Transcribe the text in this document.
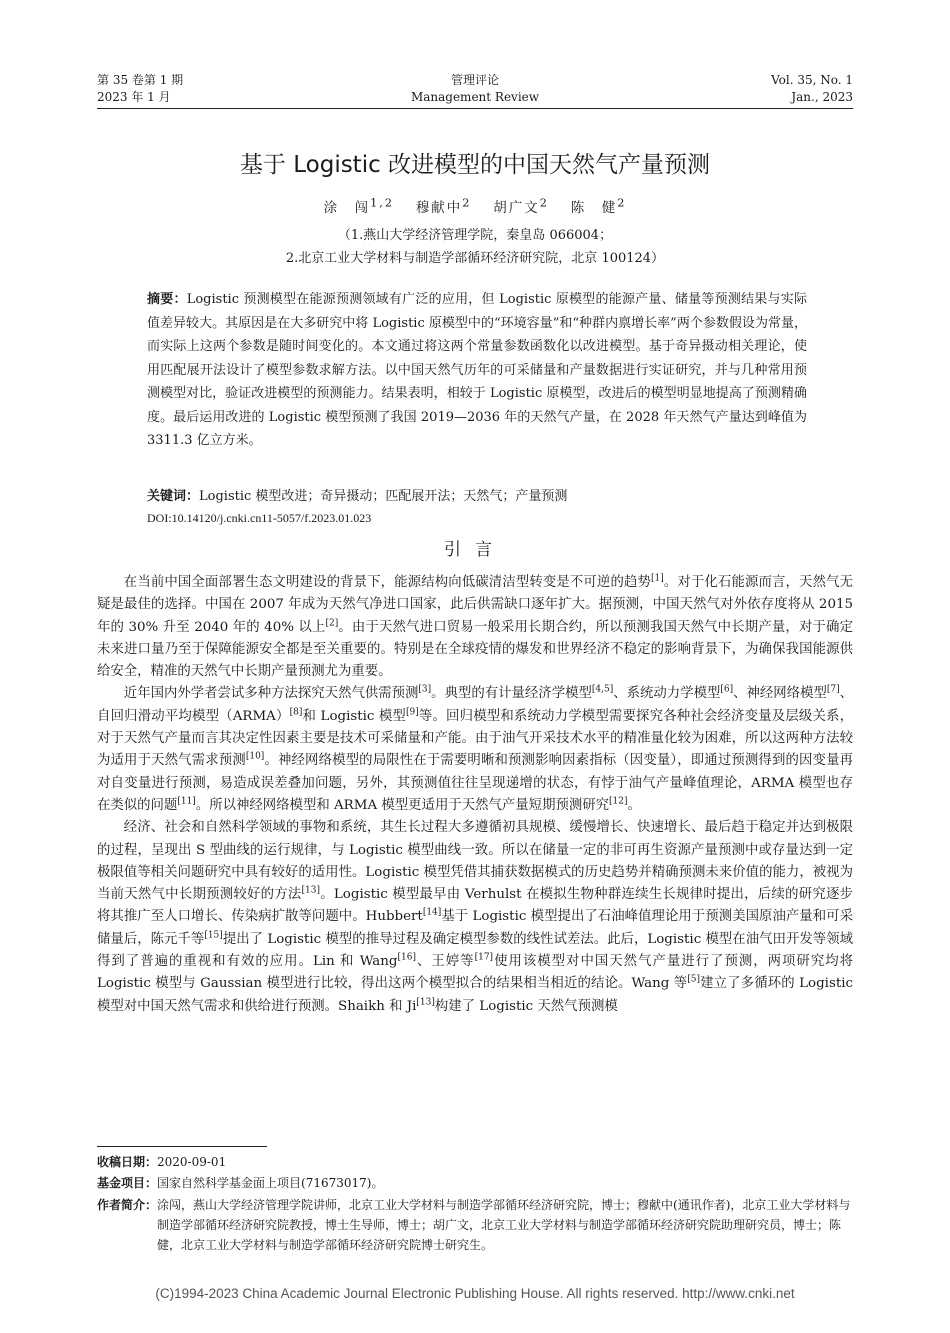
第 35 卷第 1 期
2023 年 1 月
管理评论
Management Review
Vol. 35, No. 1
Jan., 2023
基于 Logistic 改进模型的中国天然气产量预测
涂　闯$^{1,2}$　 穆献中$^2$　 胡广文$^2$　 陈　健$^2$
（1.燕山大学经济管理学院，秦皇岛 066004；
2.北京工业大学材料与制造学部循环经济研究院，北京 100124）
摘要：Logistic 预测模型在能源预测领域有广泛的应用，但 Logistic 原模型的能源产量、储量等预测结果与实际值差异较大。其原因是在大多研究中将 Logistic 原模型中的“环境容量”和“种群内禀增长率”两个参数假设为常量，而实际上这两个参数是随时间变化的。本文通过将这两个常量参数函数化以改进模型。基于奇异摄动相关理论，使用匹配展开法设计了模型参数求解方法。以中国天然气历年的可采储量和产量数据进行实证研究，并与几种常用预测模型对比，验证改进模型的预测能力。结果表明，相较于 Logistic 原模型，改进后的模型明显地提高了预测精确度。最后运用改进的 Logistic 模型预测了我国 2019—2036 年的天然气产量，在 2028 年天然气产量达到峰值为 3311.3 亿立方米。
关键词：Logistic 模型改进；奇异摄动；匹配展开法；天然气；产量预测
DOI:10.14120/j.cnki.cn11-5057/f.2023.01.023
引言

在当前中国全面部署生态文明建设的背景下，能源结构向低碳清洁型转变是不可逆的趋势[1]。对于化石能源而言，天然气无疑是最佳的选择。中国在 2007 年成为天然气净进口国家，此后供需缺口逐年扩大。据预测，中国天然气对外依存度将从 2015 年的 30% 升至 2040 年的 40% 以上[2]。由于天然气进口贸易一般采用长期合约，所以预测我国天然气中长期产量，对于确定未来进口量乃至于保障能源安全都是至关重要的。特别是在全球疫情的爆发和世界经济不稳定的影响背景下，为确保我国能源供给安全，精准的天然气中长期产量预测尤为重要。

近年国内外学者尝试多种方法探究天然气供需预测[3]。典型的有计量经济学模型[4,5]、系统动力学模型[6]、神经网络模型[7]、自回归滑动平均模型（ARMA）[8]和 Logistic 模型[9]等。回归模型和系统动力学模型需要探究各种社会经济变量及层级关系，对于天然气产量而言其决定性因素主要是技术可采储量和产能。由于油气开采技术水平的精准量化较为困难，所以这两种方法较为适用于天然气需求预测[10]。神经网络模型的局限性在于需要明晰和预测影响因素指标（因变量），即通过预测得到的因变量再对自变量进行预测，易造成误差叠加问题，另外，其预测值往往呈现递增的状态，有悖于油气产量峰值理论，ARMA 模型也存在类似的问题[11]。所以神经网络模型和 ARMA 模型更适用于天然气产量短期预测研究[12]。

经济、社会和自然科学领域的事物和系统，其生长过程大多遵循初具规模、缓慢增长、快速增长、最后趋于稳定并达到极限的过程，呈现出 S 型曲线的运行规律，与 Logistic 模型曲线一致。所以在储量一定的非可再生资源产量预测中或存量达到一定极限值等相关问题研究中具有较好的适用性。Logistic 模型凭借其捕获数据模式的历史趋势并精确预测未来价值的能力，被视为当前天然气中长期预测较好的方法[13]。Logistic 模型最早由 Verhulst 在模拟生物种群连续生长规律时提出，后续的研究逐步将其推广至人口增长、传染病扩散等问题中。Hubbert[14]基于 Logistic 模型提出了石油峰值理论用于预测美国原油产量和可采储量后，陈元千等[15]提出了 Logistic 模型的推导过程及确定模型参数的线性试差法。此后，Logistic 模型在油气田开发等领域得到了普遍的重视和有效的应用。Lin 和 Wang[16]、王婷等[17]使用该模型对中国天然气产量进行了预测，两项研究均将 Logistic 模型与 Gaussian 模型进行比较，得出这两个模型拟合的结果相当相近的结论。Wang 等[5]建立了多循环的 Logistic 模型对中国天然气需求和供给进行预测。Shaikh 和 Ji[13]构建了 Logistic 天然气预测模

收稿日期：2020-09-01
基金项目：国家自然科学基金面上项目(71673017)。
作者简介： 涂闯，燕山大学经济管理学院讲师，北京工业大学材料与制造学部循环经济研究院，博士；穆献中(通讯作者)，北京工业大学材料与制造学部循环经济研究院教授，博士生导师，博士；胡广文，北京工业大学材料与制造学部循环经济研究院助理研究员，博士；陈健，北京工业大学材料与制造学部循环经济研究院博士研究生。
(C)1994-2023 China Academic Journal Electronic Publishing House. All rights reserved. http://www.cnki.net
